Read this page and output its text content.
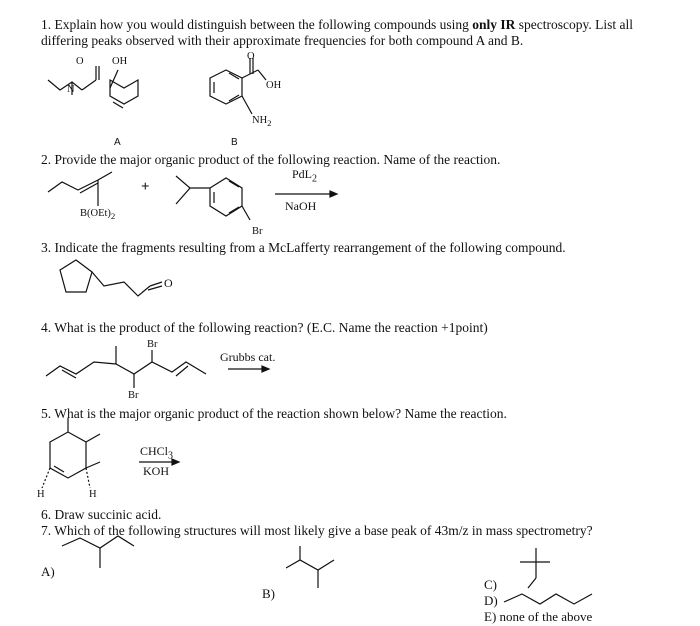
1. Explain how you would distinguish between the following compounds using only IR spectroscopy. List all
differing peaks observed with their approximate frequencies for both compound A and B.
O	OH
N
O
OH
$NH_2$
A	B
2. Provide the major organic product of the following reaction. Name of the reaction.
+
$B(OEt)_2$
Br
PdL$_2$
NaOH
3. Indicate the fragments resulting from a McLafferty rearrangement of the following compound.
O
4. What is the product of the following reaction? (E.C. Name the reaction +1point)
Br
Br
Grubbs cat.
5. What is the major organic product of the reaction shown below? Name the reaction.
CHCl$_3$
KOH
H	H
6. Draw succinic acid.
7. Which of the following structures will most likely give a base peak of 43m/z in mass spectrometry?
A)
B)
C)
D)
E) none of the above
